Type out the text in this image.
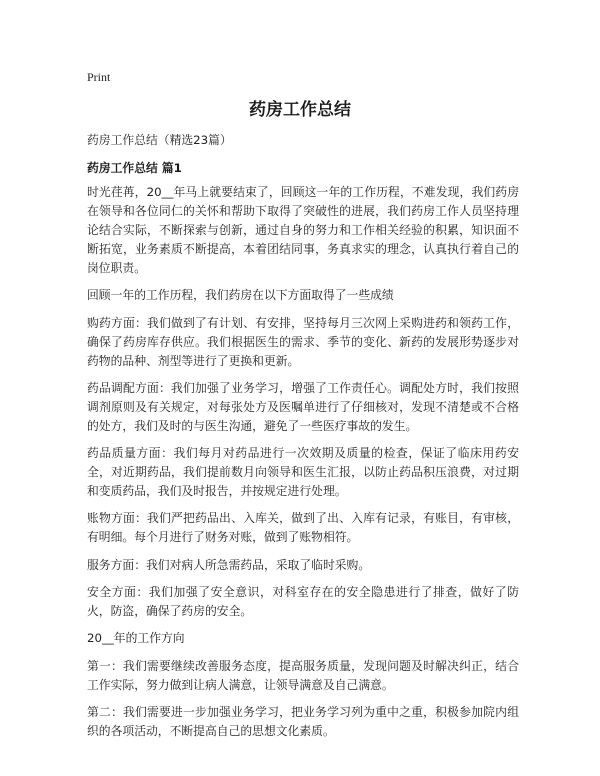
Print
药房工作总结
药房工作总结（精选23篇）
药房工作总结 篇1

时光荏苒，20__年马上就要结束了，回顾这一年的工作历程，不难发现，我们药房在领导和各位同仁的关怀和帮助下取得了突破性的进展，我们药房工作人员坚持理论结合实际，不断探索与创新，通过自身的努力和工作相关经验的积累，知识面不断拓宽，业务素质不断提高，本着团结同事，务真求实的理念，认真执行着自己的岗位职责。

回顾一年的工作历程，我们药房在以下方面取得了一些成绩

购药方面：我们做到了有计划、有安排，坚持每月三次网上采购进药和领药工作，确保了药房库存供应。我们根据医生的需求、季节的变化、新药的发展形势逐步对药物的品种、剂型等进行了更换和更新。

药品调配方面：我们加强了业务学习，增强了工作责任心。调配处方时，我们按照调剂原则及有关规定，对每张处方及医嘱单进行了仔细核对，发现不清楚或不合格的处方，我们及时的与医生沟通，避免了一些医疗事故的发生。

药品质量方面：我们每月对药品进行一次效期及质量的检查，保证了临床用药安全，对近期药品，我们提前数月向领导和医生汇报，以防止药品积压浪费，对过期和变质药品，我们及时报告，并按规定进行处理。

账物方面：我们严把药品出、入库关，做到了出、入库有记录，有账目，有审核，有明细。每个月进行了财务对账，做到了账物相符。

服务方面：我们对病人所急需药品，采取了临时采购。

安全方面：我们加强了安全意识，对科室存在的安全隐患进行了排查，做好了防火，防盗，确保了药房的安全。

20__年的工作方向

第一：我们需要继续改善服务态度，提高服务质量，发现问题及时解决纠正，结合工作实际，努力做到让病人满意，让领导满意及自己满意。

第二：我们需要进一步加强业务学习，把业务学习列为重中之重，积极参加院内组织的各项活动，不断提高自己的思想文化素质。
